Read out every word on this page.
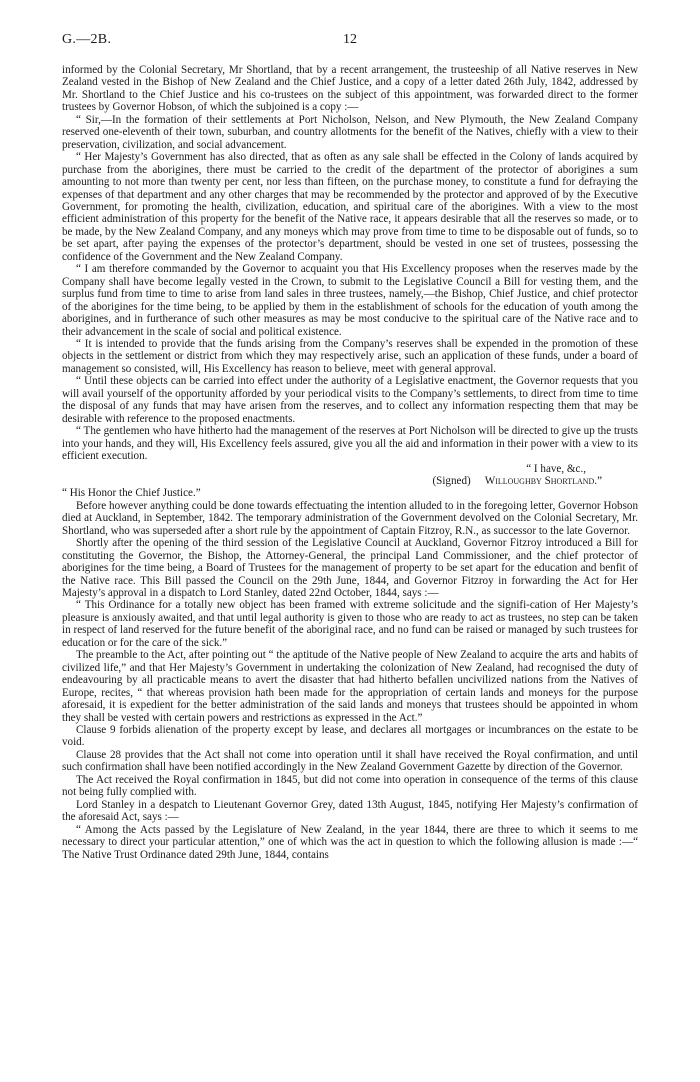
G.—2B.	12

informed by the Colonial Secretary, Mr Shortland, that by a recent arrangement, the trusteeship of all Native reserves in New Zealand vested in the Bishop of New Zealand and the Chief Justice, and a copy of a letter dated 26th July, 1842, addressed by Mr. Shortland to the Chief Justice and his co-trustees on the subject of this appointment, was forwarded direct to the former trustees by Governor Hobson, of which the subjoined is a copy :—

“ Sir,—In the formation of their settlements at Port Nicholson, Nelson, and New Plymouth, the New Zealand Company reserved one-eleventh of their town, suburban, and country allotments for the benefit of the Natives, chiefly with a view to their preservation, civilization, and social advancement.

“ Her Majesty’s Government has also directed, that as often as any sale shall be effected in the Colony of lands acquired by purchase from the aborigines, there must be carried to the credit of the department of the protector of aborigines a sum amounting to not more than twenty per cent, nor less than fifteen, on the purchase money, to constitute a fund for defraying the expenses of that department and any other charges that may be recommended by the protector and approved of by the Executive Government, for promoting the health, civilization, education, and spiritual care of the aborigines. With a view to the most efficient administration of this property for the benefit of the Native race, it appears desirable that all the reserves so made, or to be made, by the New Zealand Company, and any moneys which may prove from time to time to be disposable out of funds, so to be set apart, after paying the expenses of the protector’s department, should be vested in one set of trustees, possessing the confidence of the Government and the New Zealand Company.

“ I am therefore commanded by the Governor to acquaint you that His Excellency proposes when the reserves made by the Company shall have become legally vested in the Crown, to submit to the Legislative Council a Bill for vesting them, and the surplus fund from time to time to arise from land sales in three trustees, namely,—the Bishop, Chief Justice, and chief protector of the aborigines for the time being, to be applied by them in the establishment of schools for the education of youth among the aborigines, and in furtherance of such other measures as may be most conducive to the spiritual care of the Native race and to their advancement in the scale of social and political existence.

“ It is intended to provide that the funds arising from the Company’s reserves shall be expended in the promotion of these objects in the settlement or district from which they may respectively arise, such an application of these funds, under a board of management so consisted, will, His Excellency has reason to believe, meet with general approval.

“ Until these objects can be carried into effect under the authority of a Legislative enactment, the Governor requests that you will avail yourself of the opportunity afforded by your periodical visits to the Company’s settlements, to direct from time to time the disposal of any funds that may have arisen from the reserves, and to collect any information respecting them that may be desirable with reference to the proposed enactments.

“ The gentlemen who have hitherto had the management of the reserves at Port Nicholson will be directed to give up the trusts into your hands, and they will, His Excellency feels assured, give you all the aid and information in their power with a view to its efficient execution.

“ I have, &c.,
(Signed) Willoughby Shortland.”

“ His Honor the Chief Justice.”

Before however anything could be done towards effectuating the intention alluded to in the foregoing letter, Governor Hobson died at Auckland, in September, 1842. The temporary administration of the Government devolved on the Colonial Secretary, Mr. Shortland, who was superseded after a short rule by the appointment of Captain Fitzroy, R.N., as successor to the late Governor.

Shortly after the opening of the third session of the Legislative Council at Auckland, Governor Fitzroy introduced a Bill for constituting the Governor, the Bishop, the Attorney-General, the principal Land Commissioner, and the chief protector of aborigines for the time being, a Board of Trustees for the management of property to be set apart for the education and benfit of the Native race. This Bill passed the Council on the 29th June, 1844, and Governor Fitzroy in forwarding the Act for Her Majesty’s approval in a dispatch to Lord Stanley, dated 22nd October, 1844, says :—

“ This Ordinance for a totally new object has been framed with extreme solicitude and the signifi-cation of Her Majesty’s pleasure is anxiously awaited, and that until legal authority is given to those who are ready to act as trustees, no step can be taken in respect of land reserved for the future benefit of the aboriginal race, and no fund can be raised or managed by such trustees for education or for the care of the sick.”

The preamble to the Act, after pointing out “ the aptitude of the Native people of New Zealand to acquire the arts and habits of civilized life,” and that Her Majesty’s Government in undertaking the colonization of New Zealand, had recognised the duty of endeavouring by all practicable means to avert the disaster that had hitherto befallen uncivilized nations from the Natives of Europe, recites, “ that whereas provision hath been made for the appropriation of certain lands and moneys for the purpose aforesaid, it is expedient for the better administration of the said lands and moneys that trustees should be appointed in whom they shall be vested with certain powers and restrictions as expressed in the Act.”

Clause 9 forbids alienation of the property except by lease, and declares all mortgages or incumbrances on the estate to be void.

Clause 28 provides that the Act shall not come into operation until it shall have received the Royal confirmation, and until such confirmation shall have been notified accordingly in the New Zealand Government Gazette by direction of the Governor.

The Act received the Royal confirmation in 1845, but did not come into operation in consequence of the terms of this clause not being fully complied with.

Lord Stanley in a despatch to Lieutenant Governor Grey, dated 13th August, 1845, notifying Her Majesty’s confirmation of the aforesaid Act, says :—

“ Among the Acts passed by the Legislature of New Zealand, in the year 1844, there are three to which it seems to me necessary to direct your particular attention,” one of which was the act in question to which the following allusion is made :—“ The Native Trust Ordinance dated 29th June, 1844, contains
